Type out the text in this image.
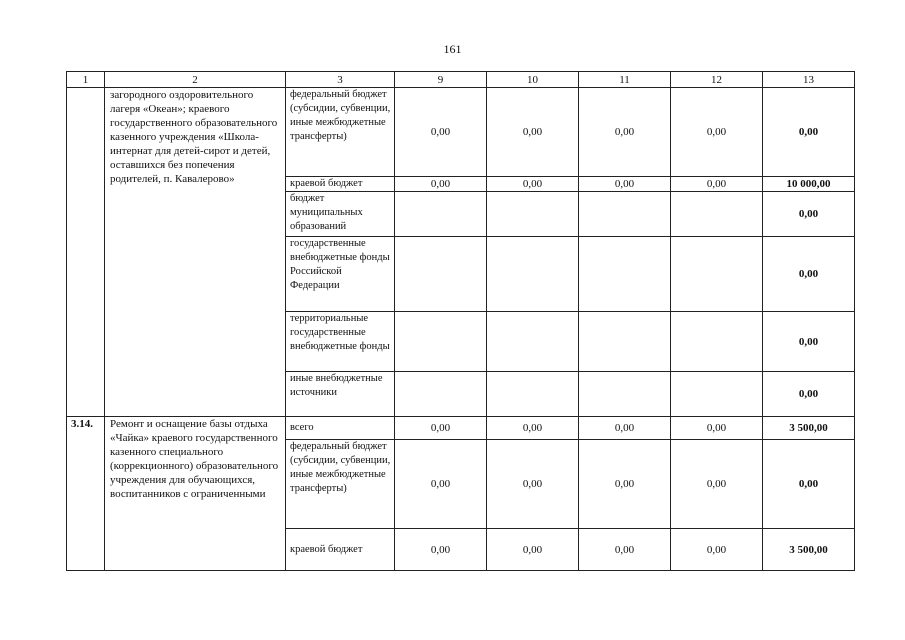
161
1	2	3	9	10	11	12	13
	загородного оздоровительного лагеря «Океан»; краевого государственного образовательного казенного учреждения «Школа-интернат для детей-сирот и детей, оставшихся без попечения родителей, п. Кавалерово»	федеральный бюджет (субсидии, субвенции, иные межбюджетные трансферты)	0,00	0,00	0,00	0,00	0,00
		краевой бюджет	0,00	0,00	0,00	0,00	10 000,00
		бюджет муниципальных образований					0,00
		государственные внебюджетные фонды Российской Федерации					0,00
		территориальные государственные внебюджетные фонды					0,00
		иные внебюджетные источники					0,00
3.14.	Ремонт и оснащение базы отдыха «Чайка» краевого государственного казенного специального (коррекционного) образовательного учреждения для обучающихся, воспитанников с ограниченными	всего	0,00	0,00	0,00	0,00	3 500,00
		федеральный бюджет (субсидии, субвенции, иные межбюджетные трансферты)	0,00	0,00	0,00	0,00	0,00
		краевой бюджет	0,00	0,00	0,00	0,00	3 500,00
